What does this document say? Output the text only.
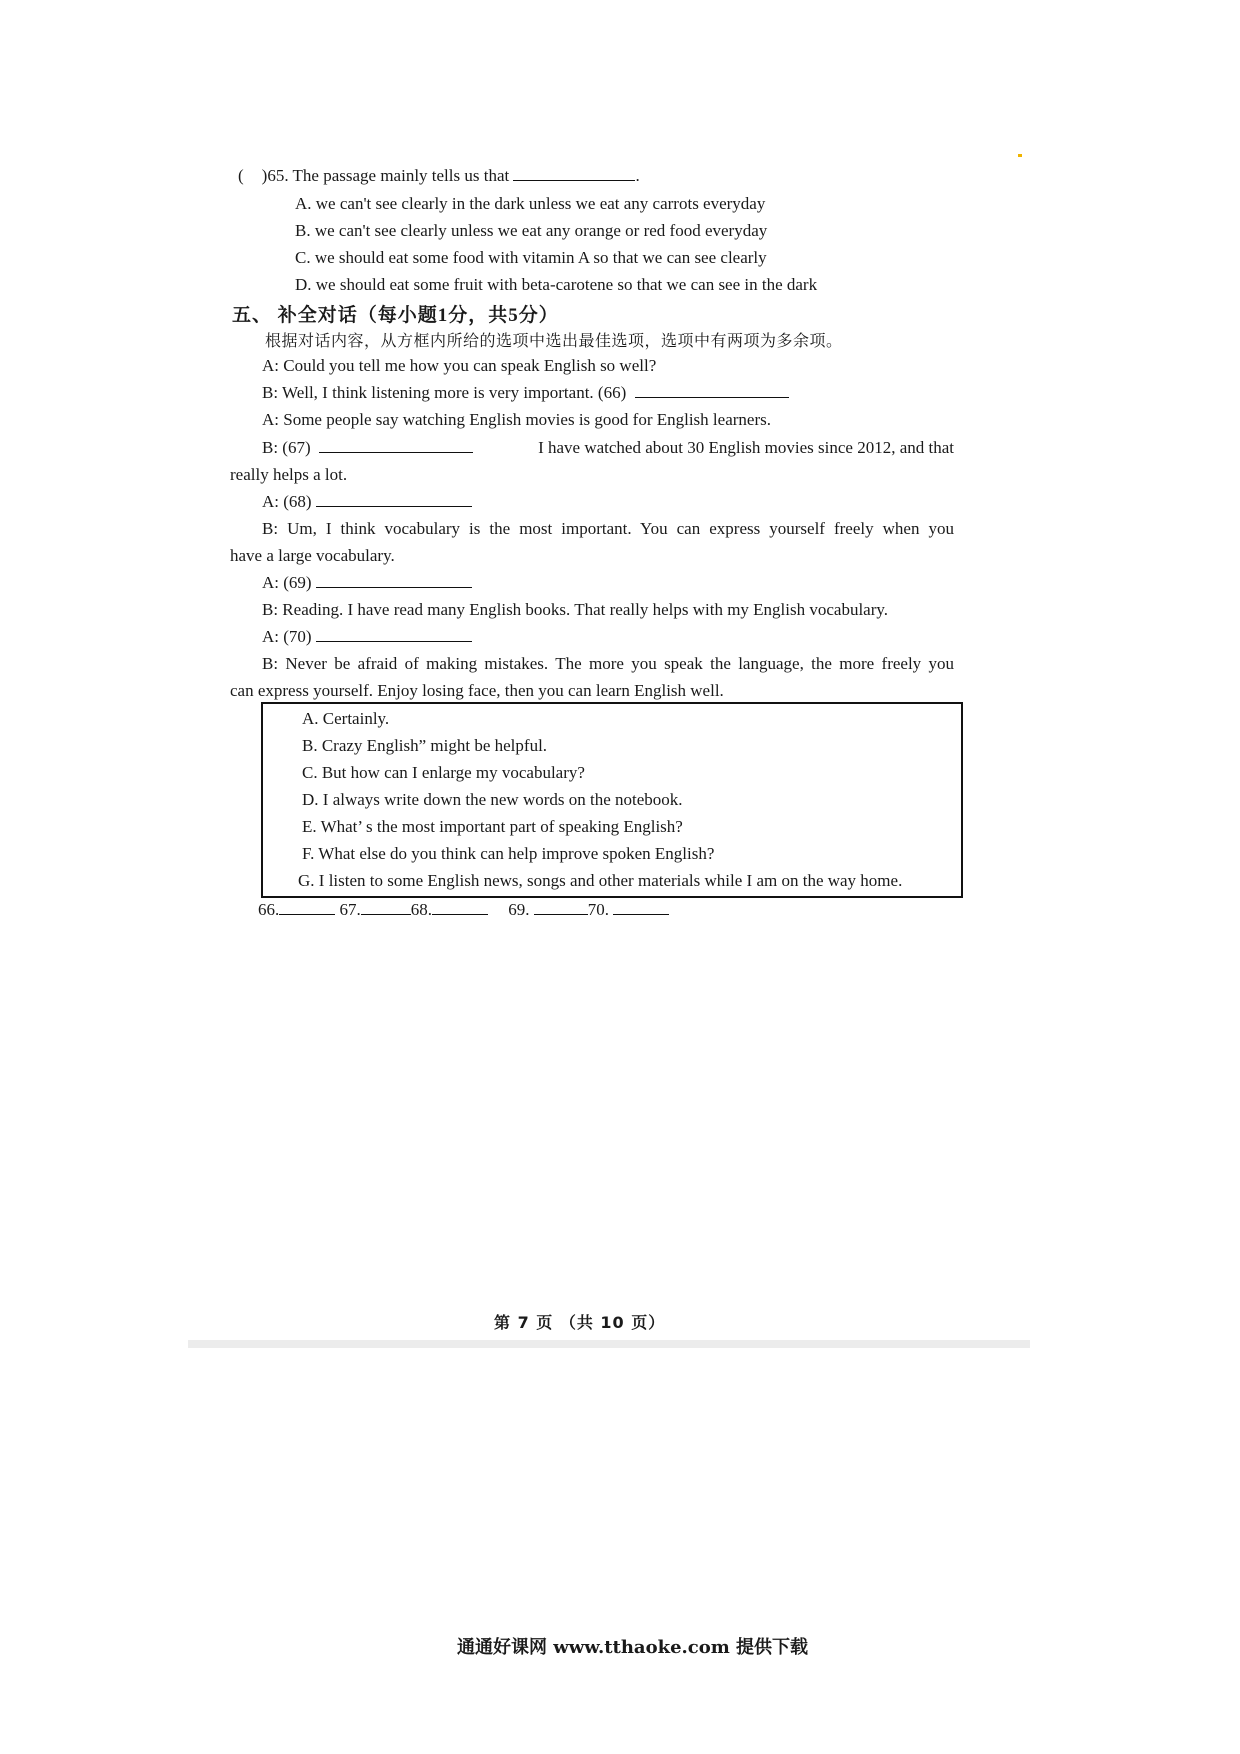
( )65. The passage mainly tells us that	.
A. we can't see clearly in the dark unless we eat any carrots everyday
B. we can't see clearly unless we eat any orange or red food everyday
C. we should eat some food with vitamin A so that we can see clearly
D. we should eat some fruit with beta-carotene so that we can see in the dark
五、 补全对话（每小题1分，共5分）
根据对话内容，从方框内所给的选项中选出最佳选项，选项中有两项为多余项。
A: Could you tell me how you can speak English so well?
B: Well, I think listening more is very important. (66)
A: Some people say watching English movies is good for English learners.
B: (67)	I have watched about 30 English movies since 2012, and that
really helps a lot.
A: (68)
B: Um, I think vocabulary is the most important. You can express yourself freely when you
have a large vocabulary.
A: (69)
B: Reading. I have read many English books. That really helps with my English vocabulary.
A: (70)
B: Never be afraid of making mistakes. The more you speak the language, the more freely you
can express yourself. Enjoy losing face, then you can learn English well.
A. Certainly.
B. Crazy English” might be helpful.
C. But how can I enlarge my vocabulary?
D. I always write down the new words on the notebook.
E. What’ s the most important part of speaking English?
F. What else do you think can help improve spoken English?
G. I listen to some English news, songs and other materials while I am on the way home.
66.	67.	68.	69.	70.
第 7 页 （共 10 页）
通通好课网 www.tthaoke.com 提供下载
